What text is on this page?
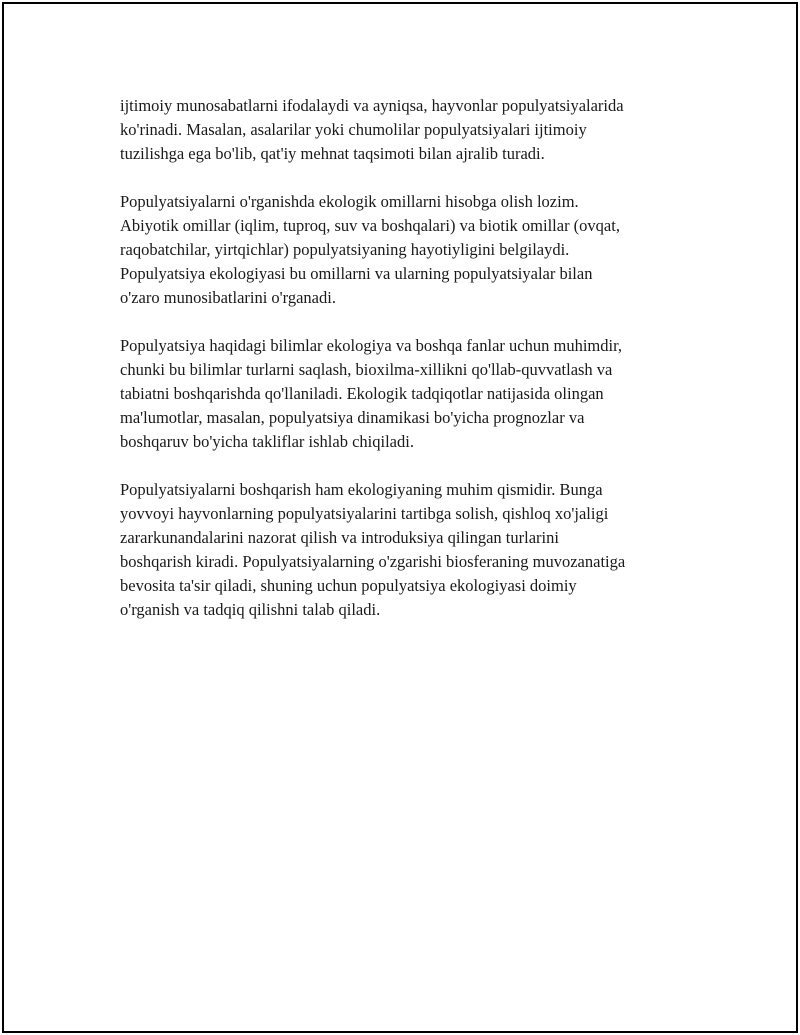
ijtimoiy munosabatlarni ifodalaydi va ayniqsa, hayvonlar populyatsiyalarida
ko'rinadi. Masalan, asalarilar yoki chumolilar populyatsiyalari ijtimoiy
tuzilishga ega bo'lib, qat'iy mehnat taqsimoti bilan ajralib turadi.

Populyatsiyalarni o'rganishda ekologik omillarni hisobga olish lozim.
Abiyotik omillar (iqlim, tuproq, suv va boshqalari) va biotik omillar (ovqat,
raqobatchilar, yirtqichlar) populyatsiyaning hayotiyligini belgilaydi.
Populyatsiya ekologiyasi bu omillarni va ularning populyatsiyalar bilan
o'zaro munosibatlarini o'rganadi.

Populyatsiya haqidagi bilimlar ekologiya va boshqa fanlar uchun muhimdir,
chunki bu bilimlar turlarni saqlash, bioxilma-xillikni qo'llab-quvvatlash va
tabiatni boshqarishda qo'llaniladi. Ekologik tadqiqotlar natijasida olingan
ma'lumotlar, masalan, populyatsiya dinamikasi bo'yicha prognozlar va
boshqaruv bo'yicha takliflar ishlab chiqiladi.

Populyatsiyalarni boshqarish ham ekologiyaning muhim qismidir. Bunga
yovvoyi hayvonlarning populyatsiyalarini tartibga solish, qishloq xo'jaligi
zararkunandalarini nazorat qilish va introduksiya qilingan turlarini
boshqarish kiradi. Populyatsiyalarning o'zgarishi biosferaning muvozanatiga
bevosita ta'sir qiladi, shuning uchun populyatsiya ekologiyasi doimiy
o'rganish va tadqiq qilishni talab qiladi.
